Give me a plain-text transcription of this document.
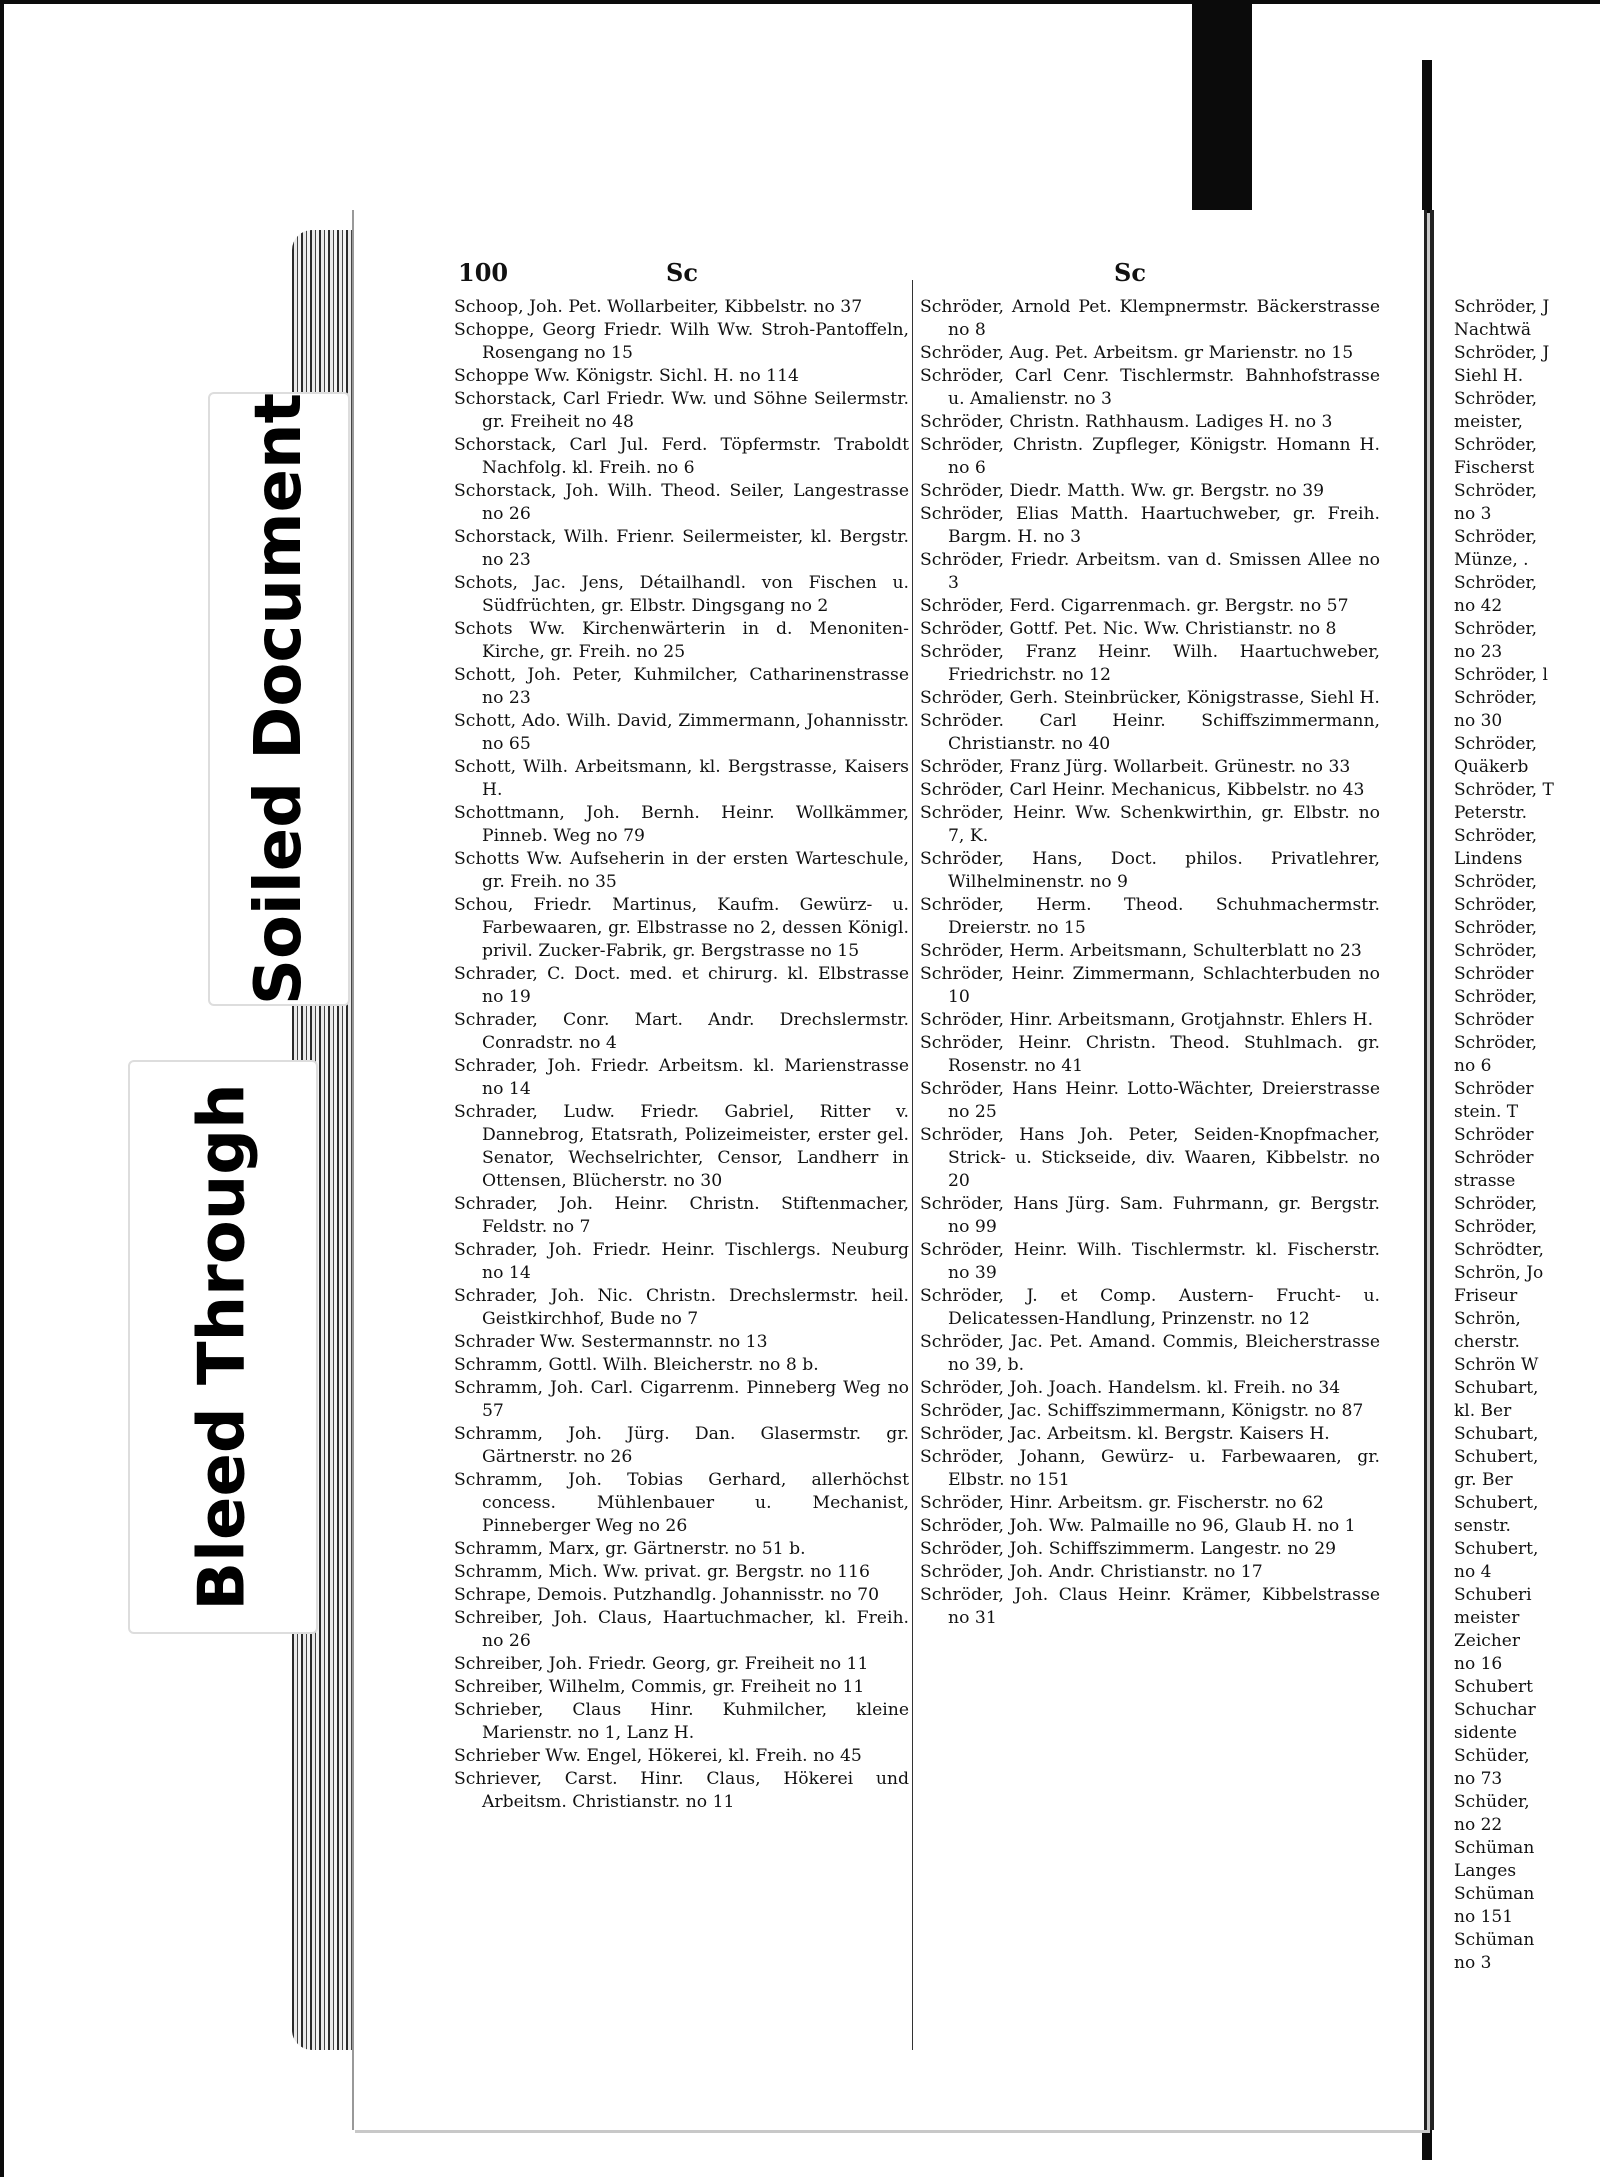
100	Sc	Sc

Schoop, Joh. Pet. Wollarbeiter, Kibbelstr. no 37

Schoppe, Georg Friedr. Wilh Ww. Stroh-Pantoffeln, Rosengang no 15

Schoppe Ww. Königstr. Sichl. H. no 114

Schorstack, Carl Friedr. Ww. und Söhne Seilermstr. gr. Freiheit no 48

Schorstack, Carl Jul. Ferd. Töpfermstr. Traboldt Nachfolg. kl. Freih. no 6

Schorstack, Joh. Wilh. Theod. Seiler, Langestrasse no 26

Schorstack, Wilh. Frienr. Seilermeister, kl. Bergstr. no 23

Schots, Jac. Jens, Détailhandl. von Fischen u. Südfrüchten, gr. Elbstr. Dingsgang no 2

Schots Ww. Kirchenwärterin in d. Menoniten-Kirche, gr. Freih. no 25

Schott, Joh. Peter, Kuhmilcher, Catharinenstrasse no 23

Schott, Ado. Wilh. David, Zimmermann, Johannisstr. no 65

Schott, Wilh. Arbeitsmann, kl. Bergstrasse, Kaisers H.

Schottmann, Joh. Bernh. Heinr. Wollkämmer, Pinneb. Weg no 79

Schotts Ww. Aufseherin in der ersten Warteschule, gr. Freih. no 35

Schou, Friedr. Martinus, Kaufm. Gewürz- u. Farbewaaren, gr. Elbstrasse no 2, dessen Königl. privil. Zucker-Fabrik, gr. Bergstrasse no 15

Schrader, C. Doct. med. et chirurg. kl. Elbstrasse no 19

Schrader, Conr. Mart. Andr. Drechslermstr. Conradstr. no 4

Schrader, Joh. Friedr. Arbeitsm. kl. Marienstrasse no 14

Schrader, Ludw. Friedr. Gabriel, Ritter v. Dannebrog, Etatsrath, Polizeimeister, erster gel. Senator, Wechselrichter, Censor, Landherr in Ottensen, Blücherstr. no 30

Schrader, Joh. Heinr. Christn. Stiftenmacher, Feldstr. no 7

Schrader, Joh. Friedr. Heinr. Tischlergs. Neuburg no 14

Schrader, Joh. Nic. Christn. Drechslermstr. heil. Geistkirchhof, Bude no 7

Schrader Ww. Sestermannstr. no 13

Schramm, Gottl. Wilh. Bleicherstr. no 8 b.

Schramm, Joh. Carl. Cigarrenm. Pinneberg Weg no 57

Schramm, Joh. Jürg. Dan. Glasermstr. gr. Gärtnerstr. no 26

Schramm, Joh. Tobias Gerhard, allerhöchst concess. Mühlenbauer u. Mechanist, Pinneberger Weg no 26

Schramm, Marx, gr. Gärtnerstr. no 51 b.

Schramm, Mich. Ww. privat. gr. Bergstr. no 116

Schrape, Demois. Putzhandlg. Johannisstr. no 70

Schreiber, Joh. Claus, Haartuchmacher, kl. Freih. no 26

Schreiber, Joh. Friedr. Georg, gr. Freiheit no 11

Schreiber, Wilhelm, Commis, gr. Freiheit no 11

Schrieber, Claus Hinr. Kuhmilcher, kleine Marienstr. no 1, Lanz H.

Schrieber Ww. Engel, Hökerei, kl. Freih. no 45

Schriever, Carst. Hinr. Claus, Hökerei und Arbeitsm. Christianstr. no 11

Schröder, Arnold Pet. Klempnermstr. Bäckerstrasse no 8

Schröder, Aug. Pet. Arbeitsm. gr Marienstr. no 15

Schröder, Carl Cenr. Tischlermstr. Bahnhofstrasse u. Amalienstr. no 3

Schröder, Christn. Rathhausm. Ladiges H. no 3

Schröder, Christn. Zupfleger, Königstr. Homann H. no 6

Schröder, Diedr. Matth. Ww. gr. Bergstr. no 39

Schröder, Elias Matth. Haartuchweber, gr. Freih. Bargm. H. no 3

Schröder, Friedr. Arbeitsm. van d. Smissen Allee no 3

Schröder, Ferd. Cigarrenmach. gr. Bergstr. no 57

Schröder, Gottf. Pet. Nic. Ww. Christianstr. no 8

Schröder, Franz Heinr. Wilh. Haartuchweber, Friedrichstr. no 12

Schröder, Gerh. Steinbrücker, Königstrasse, Siehl H.

Schröder. Carl Heinr. Schiffszimmermann, Christianstr. no 40

Schröder, Franz Jürg. Wollarbeit. Grünestr. no 33

Schröder, Carl Heinr. Mechanicus, Kibbelstr. no 43

Schröder, Heinr. Ww. Schenkwirthin, gr. Elbstr. no 7, K.

Schröder, Hans, Doct. philos. Privatlehrer, Wilhelminenstr. no 9

Schröder, Herm. Theod. Schuhmachermstr. Dreierstr. no 15

Schröder, Herm. Arbeitsmann, Schulterblatt no 23

Schröder, Heinr. Zimmermann, Schlachterbuden no 10

Schröder, Hinr. Arbeitsmann, Grotjahnstr. Ehlers H.

Schröder, Heinr. Christn. Theod. Stuhlmach. gr. Rosenstr. no 41

Schröder, Hans Heinr. Lotto-Wächter, Dreierstrasse no 25

Schröder, Hans Joh. Peter, Seiden-Knopfmacher, Strick- u. Stickseide, div. Waaren, Kibbelstr. no 20

Schröder, Hans Jürg. Sam. Fuhrmann, gr. Bergstr. no 99

Schröder, Heinr. Wilh. Tischlermstr. kl. Fischerstr. no 39

Schröder, J. et Comp. Austern- Frucht- u. Delicatessen-Handlung, Prinzenstr. no 12

Schröder, Jac. Pet. Amand. Commis, Bleicherstrasse no 39, b.

Schröder, Joh. Joach. Handelsm. kl. Freih. no 34

Schröder, Jac. Schiffszimmermann, Königstr. no 87

Schröder, Jac. Arbeitsm. kl. Bergstr. Kaisers H.

Schröder, Johann, Gewürz- u. Farbewaaren, gr. Elbstr. no 151

Schröder, Hinr. Arbeitsm. gr. Fischerstr. no 62

Schröder, Joh. Ww. Palmaille no 96, Glaub H. no 1

Schröder, Joh. Schiffszimmerm. Langestr. no 29

Schröder, Joh. Andr. Christianstr. no 17

Schröder, Joh. Claus Heinr. Krämer, Kibbelstrasse no 31

Schröder, J

Nachtwä

Schröder, J

Siehl H.

Schröder,

meister,

Schröder,

Fischerst

Schröder,

no 3

Schröder,

Münze, .

Schröder,

no 42

Schröder,

no 23

Schröder, l

Schröder,

no 30

Schröder,

Quäkerb

Schröder, T

Peterstr.

Schröder,

Lindens

Schröder,

Schröder,

Schröder,

Schröder,

Schröder

Schröder,

Schröder

Schröder,

no 6

Schröder

stein. T

Schröder

Schröder

strasse

Schröder,

Schröder,

Schrödter,

Schrön, Jo

Friseur

Schrön,

cherstr.

Schrön W

Schubart,

kl. Ber

Schubart,

Schubert,

gr. Ber

Schubert,

senstr.

Schubert,

no 4

Schuberi

meister

Zeicher

no 16

Schubert

Schuchar

sidente

Schüder,

no 73

Schüder,

no 22

Schüman

Langes

Schüman

no 151

Schüman

no 3

Soiled Document
Bleed Through
